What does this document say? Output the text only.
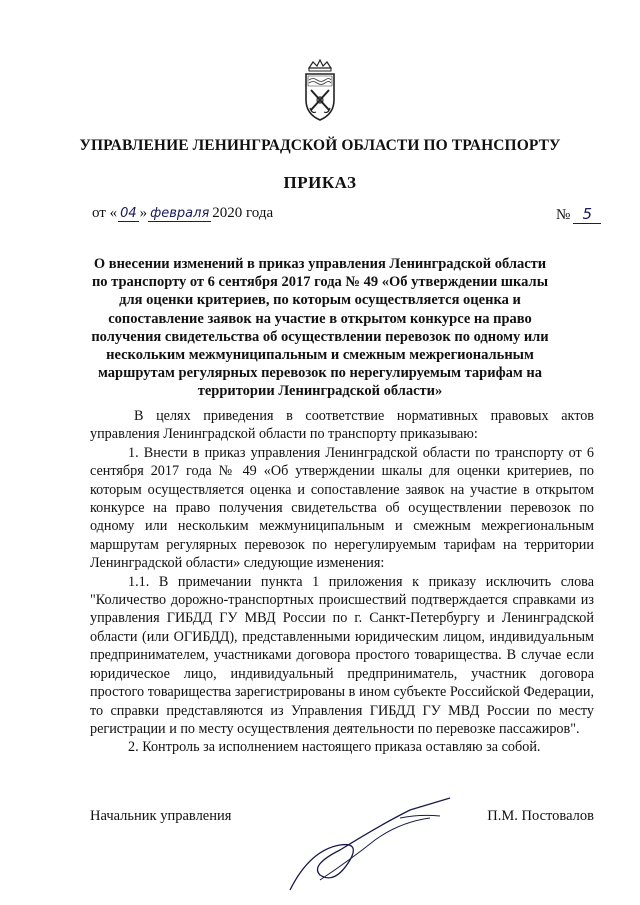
УПРАВЛЕНИЕ ЛЕНИНГРАДСКОЙ ОБЛАСТИ ПО ТРАНСПОРТУ
ПРИКАЗ
от « 04 » февраля 2020 года	№ 5
О внесении изменений в приказ управления Ленинградской области по транспорту от 6 сентября 2017 года № 49 «Об утверждении шкалы для оценки критериев, по которым осуществляется оценка и сопоставление заявок на участие в открытом конкурсе на право получения свидетельства об осуществлении перевозок по одному или нескольким межмуниципальным и смежным межрегиональным маршрутам регулярных перевозок по нерегулируемым тарифам на территории Ленинградской области»

В целях приведения в соответствие нормативных правовых актов управления Ленинградской области по транспорту приказываю:

1. Внести в приказ управления Ленинградской области по транспорту от 6 сентября 2017 года № 49 «Об утверждении шкалы для оценки критериев, по которым осуществляется оценка и сопоставление заявок на участие в открытом конкурсе на право получения свидетельства об осуществлении перевозок по одному или нескольким межмуниципальным и смежным межрегиональным маршрутам регулярных перевозок по нерегулируемым тарифам на территории Ленинградской области» следующие изменения:

1.1. В примечании пункта 1 приложения к приказу исключить слова "Количество дорожно-транспортных происшествий подтверждается справками из управления ГИБДД ГУ МВД России по г. Санкт-Петербургу и Ленинградской области (или ОГИБДД), представленными юридическим лицом, индивидуальным предпринимателем, участниками договора простого товарищества. В случае если юридическое лицо, индивидуальный предприниматель, участник договора простого товарищества зарегистрированы в ином субъекте Российской Федерации, то справки представляются из Управления ГИБДД ГУ МВД России по месту регистрации и по месту осуществления деятельности по перевозке пассажиров".

2. Контроль за исполнением настоящего приказа оставляю за собой.

Начальник управления	П.М. Постовалов
